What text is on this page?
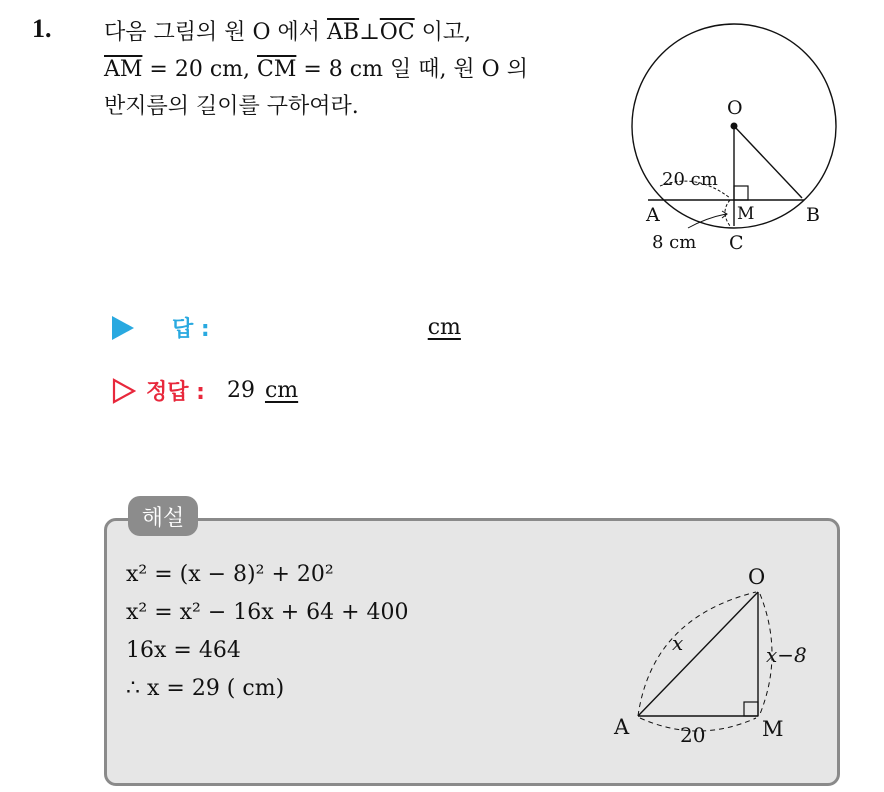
1. 다음 그림의 원 O 에서 $\overline{AB}\perp\overline{OC}$ 이고,
$\overline{AM} = 20$ cm, $\overline{CM} = 8$ cm 일 때, 원 O 의
반지름의 길이를 구하여라.	O
A	B
C
M
20 cm
8 cm
답 :	cm
정답 : 29 cm
해설
x² = (x − 8)² + 20²
x² = x² − 16x + 64 + 400
16x = 464
∴ x = 29 ( cm)
O
A	M
x	x−8
20
